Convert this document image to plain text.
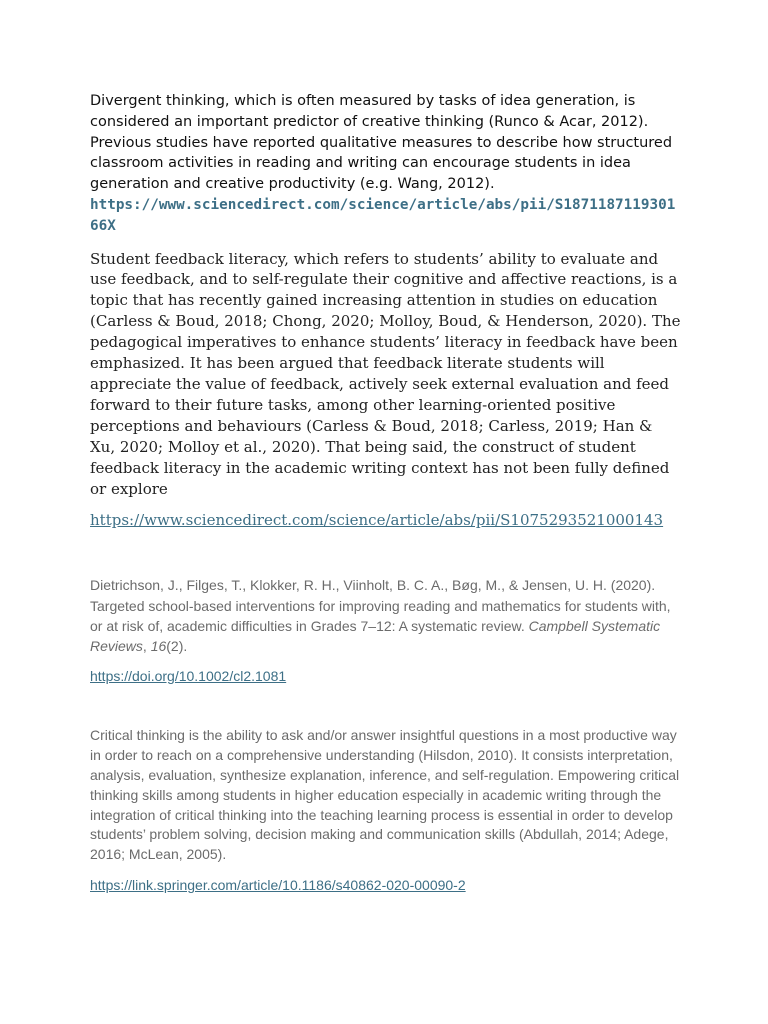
Divergent thinking, which is often measured by tasks of idea generation, is considered an important predictor of creative thinking (Runco & Acar, 2012). Previous studies have reported qualitative measures to describe how structured classroom activities in reading and writing can encourage students in idea generation and creative productivity (e.g. Wang, 2012).

https://www.sciencedirect.com/science/article/abs/pii/S187118711930166X

Student feedback literacy, which refers to students’ ability to evaluate and use feedback, and to self-regulate their cognitive and affective reactions, is a topic that has recently gained increasing attention in studies on education (Carless & Boud, 2018; Chong, 2020; Molloy, Boud, & Henderson, 2020). The pedagogical imperatives to enhance students’ literacy in feedback have been emphasized. It has been argued that feedback literate students will appreciate the value of feedback, actively seek external evaluation and feed forward to their future tasks, among other learning-oriented positive perceptions and behaviours (Carless & Boud, 2018; Carless, 2019; Han & Xu, 2020; Molloy et al., 2020). That being said, the construct of student feedback literacy in the academic writing context has not been fully defined or explore

https://www.sciencedirect.com/science/article/abs/pii/S1075293521000143

Dietrichson, J., Filges, T., Klokker, R. H., Viinholt, B. C. A., Bøg, M., & Jensen, U. H. (2020). Targeted school-based interventions for improving reading and mathematics for students with, or at risk of, academic difficulties in Grades 7–12: A systematic review. Campbell Systematic Reviews, 16(2).

https://doi.org/10.1002/cl2.1081

Critical thinking is the ability to ask and/or answer insightful questions in a most productive way in order to reach on a comprehensive understanding (Hilsdon, 2010). It consists interpretation, analysis, evaluation, synthesize explanation, inference, and self-regulation. Empowering critical thinking skills among students in higher education especially in academic writing through the integration of critical thinking into the teaching learning process is essential in order to develop students’ problem solving, decision making and communication skills (Abdullah, 2014; Adege, 2016; McLean, 2005).

https://link.springer.com/article/10.1186/s40862-020-00090-2
